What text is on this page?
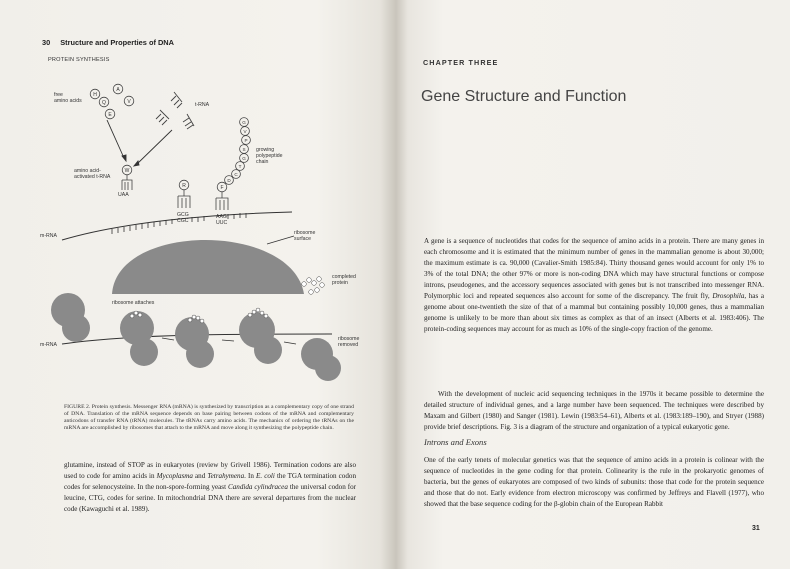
30 Structure and Properties of DNA
PROTEIN SYNTHESIS
free
amino acids
H
A
Q	V
E
t-RNA
amino acid-
activated t-RNA
W
UAA
R
GCG
CGC
F
D
C
T
G
S
P
V
G
AAG
UUC
growing
polypeptide
chain
m-RNA	ribosome
surface
m-RNA
ribosome attaches
completed
protein
ribosome
removed
FIGURE 2. Protein synthesis. Messenger RNA (mRNA) is synthesized by transcription as a complementary copy of one strand of DNA. Translation of the mRNA sequence depends on base pairing between codons of the mRNA and complementary anticodons of transfer RNA (tRNA) molecules. The tRNAs carry amino acids. The mechanics of ordering the tRNAs on the mRNA are accomplished by ribosomes that attach to the mRNA and move along it synthesizing the polypeptide chain.
glutamine, instead of STOP as in eukaryotes (review by Grivell 1986). Termination codons are also used to code for amino acids in Mycoplasma and Tetrahymena. In E. coli the TGA termination codon codes for selenocysteine. In the non-spore-forming yeast Candida cylindracea the universal codon for leucine, CTG, codes for serine. In mitochondrial DNA there are several departures from the nuclear code (Kawaguchi et al. 1989).
CHAPTER THREE
Gene Structure and Function
A gene is a sequence of nucleotides that codes for the sequence of amino acids in a protein. There are many genes in each chromosome and it is estimated that the minimum number of genes in the mammalian genome is about 30,000; the maximum estimate is ca. 90,000 (Cavalier-Smith 1985:84). Thirty thousand genes would account for only 1% to 3% of the total DNA; the other 97% or more is non-coding DNA which may have structural functions or compose introns, pseudogenes, and the accessory sequences associated with genes but is not transcribed into messenger RNA. Polymorphic loci and repeated sequences also account for some of the discrepancy. The fruit fly, Drosophila, has a genome about one-twentieth the size of that of a mammal but containing possibly 10,000 genes, thus a mammalian genome is unlikely to be more than about six times as complex as that of an insect (Alberts et al. 1983:406). The protein-coding sequences may account for as much as 10% of the single-copy fraction of the genome.
With the development of nucleic acid sequencing techniques in the 1970s it became possible to determine the detailed structure of individual genes, and a large number have been sequenced. The techniques were described by Maxam and Gilbert (1980) and Sanger (1981). Lewin (1983:54–61), Alberts et al. (1983:189–190), and Stryer (1988) provide brief descriptions. Fig. 3 is a diagram of the structure and organization of a typical eukaryotic gene.
Introns and Exons
One of the early tenets of molecular genetics was that the sequence of amino acids in a protein is colinear with the sequence of nucleotides in the gene coding for that protein. Colinearity is the rule in the prokaryotic genomes of bacteria, but the genes of eukaryotes are composed of two kinds of subunits: those that code for the protein sequence and those that do not. Early evidence from electron microscopy was confirmed by Jeffreys and Flavell (1977), who showed that the base sequence coding for the β-globin chain of the European Rabbit
31
